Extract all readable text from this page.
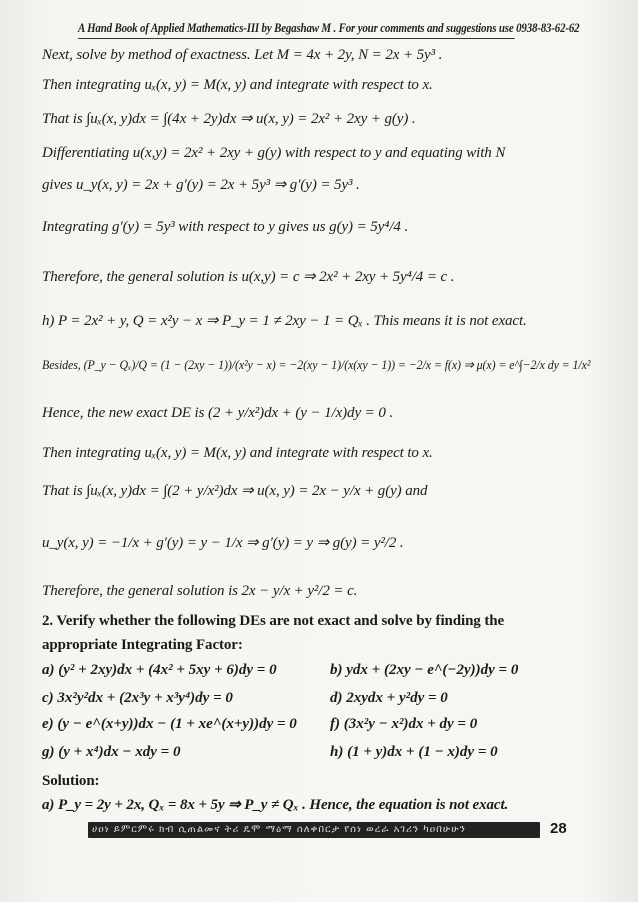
A Hand Book of Applied Mathematics-III by Begashaw M . For your comments and suggestions use 0938-83-62-62
Next, solve by method of exactness. Let M = 4x + 2y, N = 2x + 5y³ .
Then integrating uₓ(x, y) = M(x, y) and integrate with respect to x.
That is ∫uₓ(x, y)dx = ∫(4x + 2y)dx ⇒ u(x, y) = 2x² + 2xy + g(y) .
Differentiating u(x,y) = 2x² + 2xy + g(y) with respect to y and equating with N
gives u_y(x, y) = 2x + g′(y) = 2x + 5y³ ⇒ g′(y) = 5y³ .
Integrating g′(y) = 5y³ with respect to y gives us g(y) = 5y⁴/4 .
Therefore, the general solution is u(x,y) = c ⇒ 2x² + 2xy + 5y⁴/4 = c .
h) P = 2x² + y, Q = x²y − x ⇒ P_y = 1 ≠ 2xy − 1 = Qₓ . This means it is not exact.
Besides, (P_y − Qₓ)/Q = (1 − (2xy − 1))/(x²y − x) = −2(xy − 1)/(x(xy − 1)) = −2/x = f(x) ⇒ μ(x) = e^∫−2/x dy = 1/x²
Hence, the new exact DE is (2 + y/x²)dx + (y − 1/x)dy = 0 .
Then integrating uₓ(x, y) = M(x, y) and integrate with respect to x.
That is ∫uₓ(x, y)dx = ∫(2 + y/x²)dx ⇒ u(x, y) = 2x − y/x + g(y) and
u_y(x, y) = −1/x + g′(y) = y − 1/x ⇒ g′(y) = y ⇒ g(y) = y²/2 .
Therefore, the general solution is 2x − y/x + y²/2 = c.
2. Verify whether the following DEs are not exact and solve by finding the
appropriate Integrating Factor:
a) (y² + 2xy)dx + (4x² + 5xy + 6)dy = 0	b) ydx + (2xy − e^(−2y))dy = 0
c) 3x²y²dx + (2x³y + x³y⁴)dy = 0	d) 2xydx + y²dy = 0
e) (y − e^(x+y))dx − (1 + xe^(x+y))dy = 0 f) (3x²y − x²)dx + dy = 0
g) (y + x⁴)dx − xdy = 0	h) (1 + y)dx + (1 − x)dy = 0
Solution:
a) P_y = 2y + 2x, Qₓ = 8x + 5y ⇒ P_y ≠ Qₓ . Hence, the equation is not exact.
ሀዐነ ይምርምሩ ክብ ሲጠልመና ትሪ ዴሞ ማዕማ ሰለቀበርታ የሰነ ወረራ አገሪን ካዐበሁሁን	28
